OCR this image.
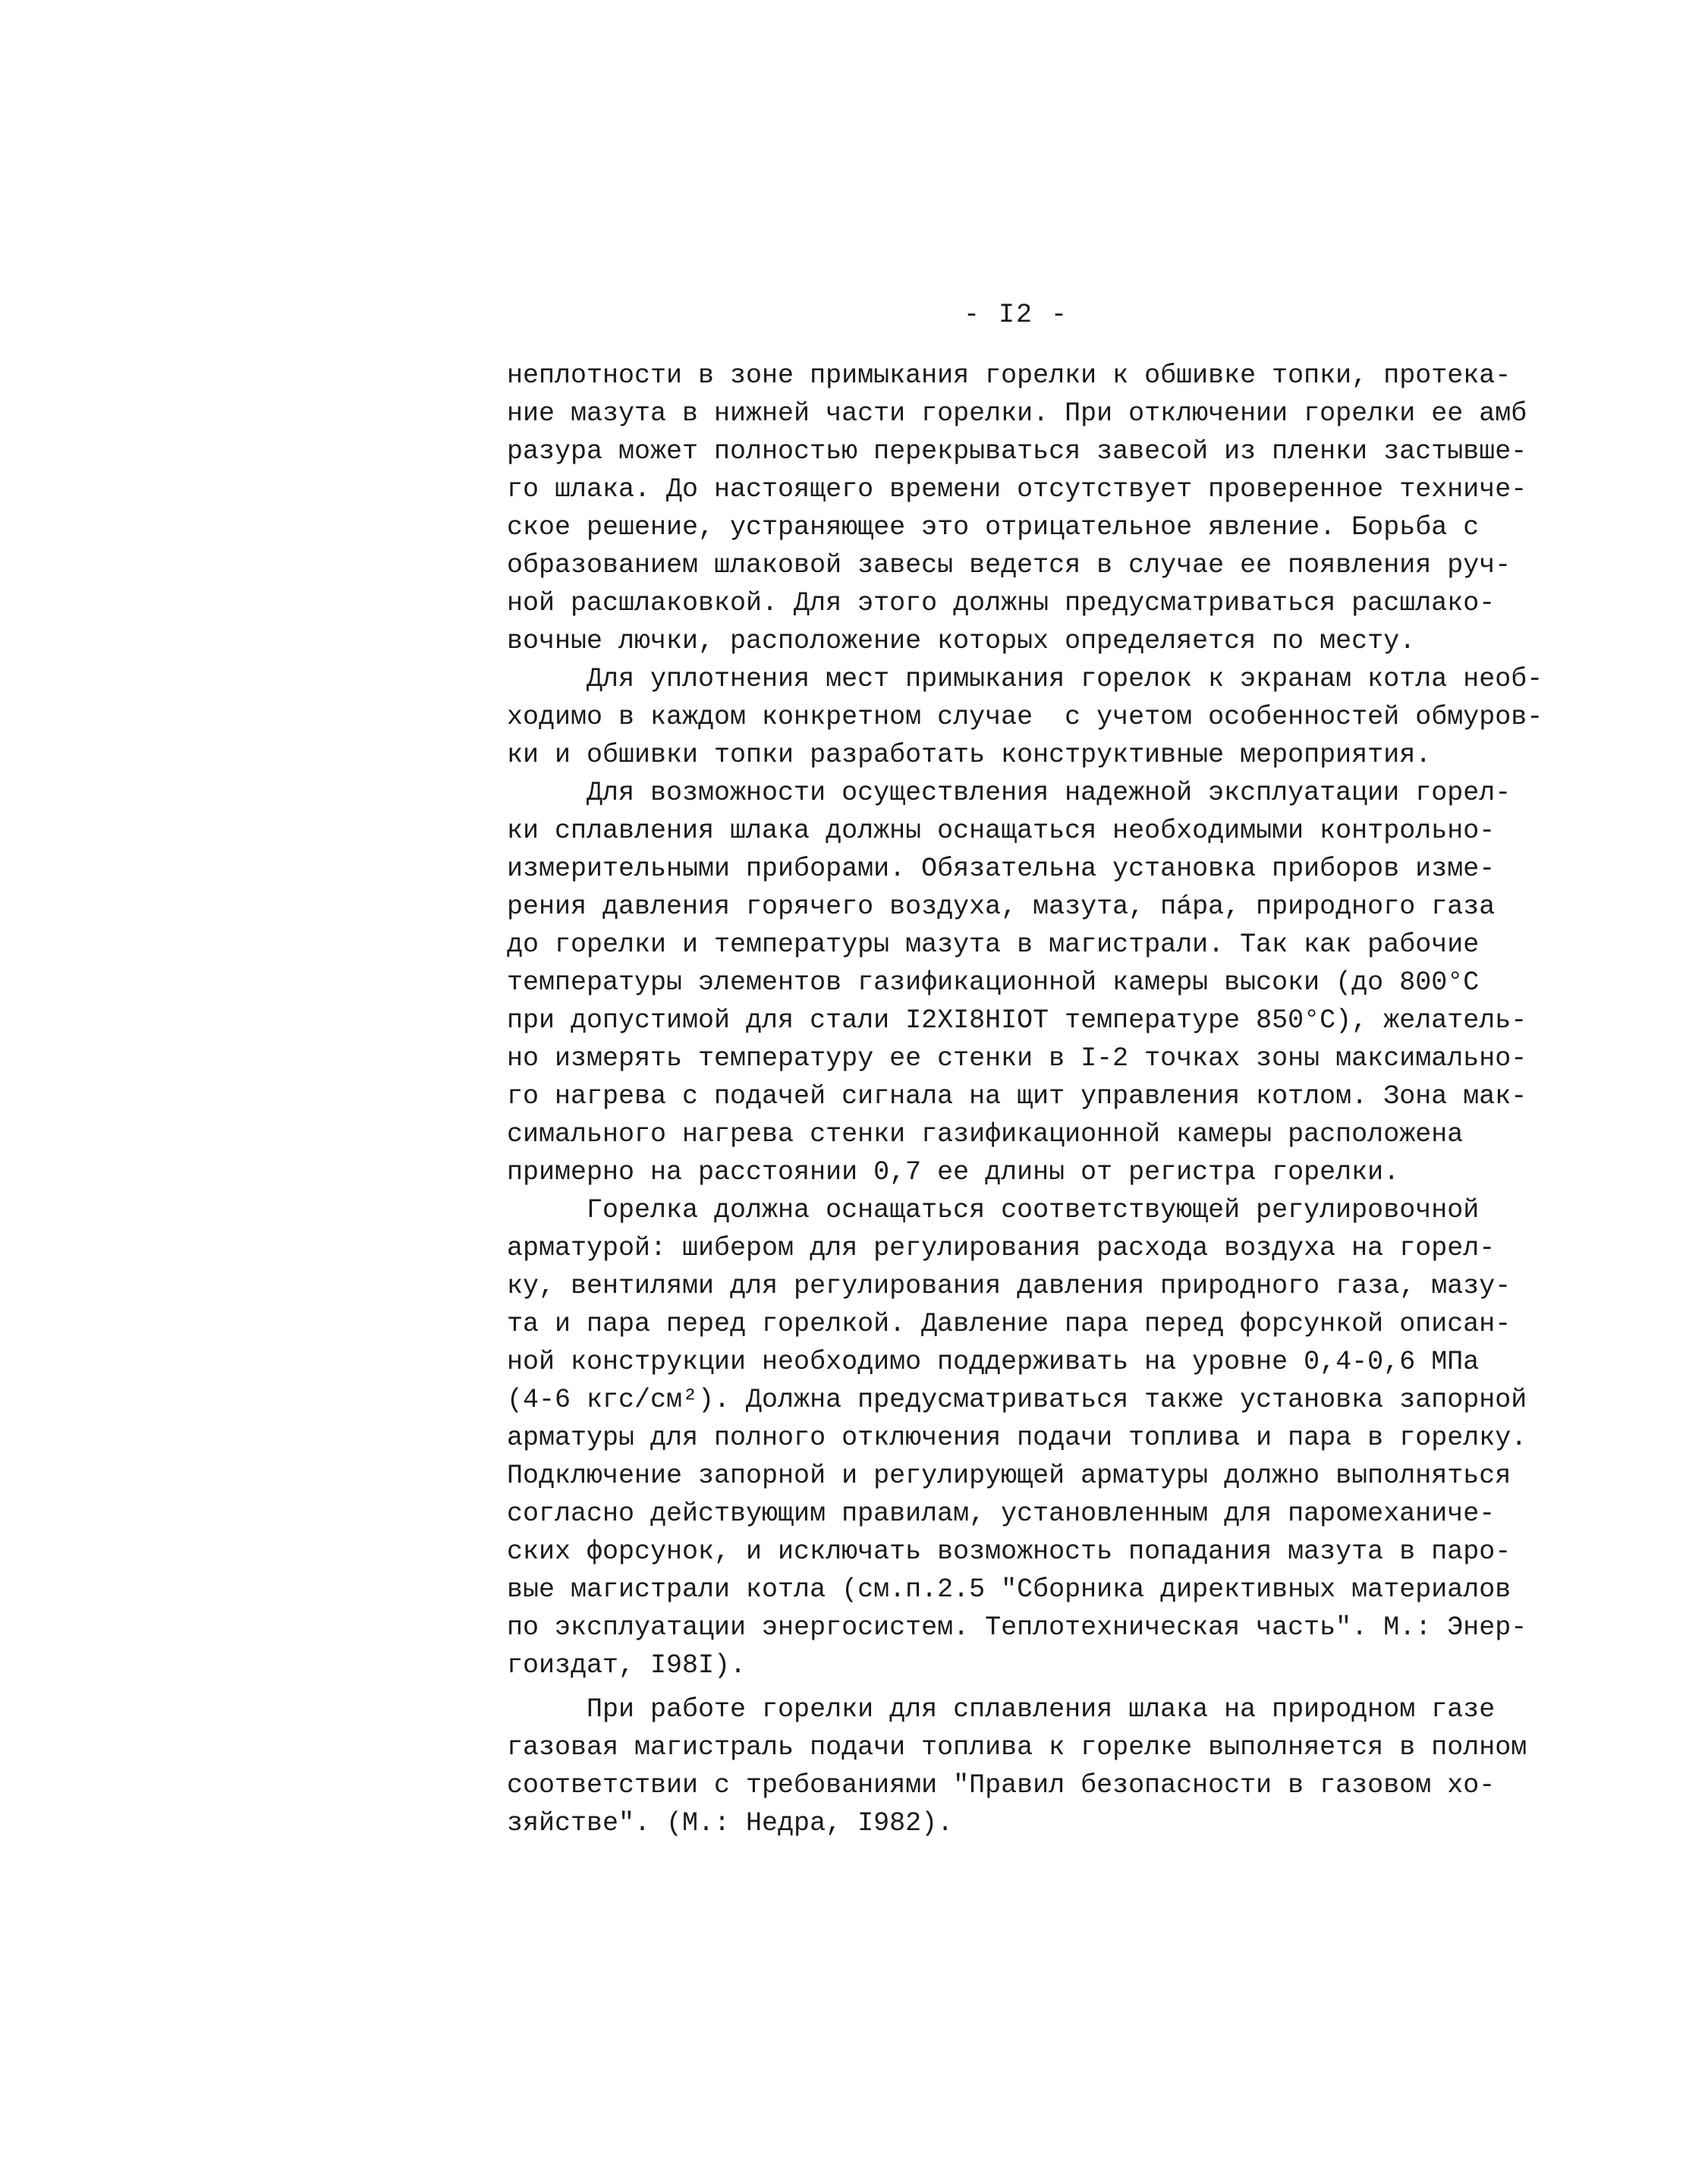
- I2 -
неплотности в зоне примыкания горелки к обшивке топки, протека-
ние мазута в нижней части горелки. При отключении горелки ее амб
разура может полностью перекрываться завесой из пленки застывше-
го шлака. До настоящего времени отсутствует проверенное техниче-
ское решение, устраняющее это отрицательное явление. Борьба с
образованием шлаковой завесы ведется в случае ее появления руч-
ной расшлаковкой. Для этого должны предусматриваться расшлако-
вочные лючки, расположение которых определяется по месту.
Для уплотнения мест примыкания горелок к экранам котла необ-
ходимо в каждом конкретном случае  с учетом особенностей обмуров-
ки и обшивки топки разработать конструктивные мероприятия.
Для возможности осуществления надежной эксплуатации горел-
ки сплавления шлака должны оснащаться необходимыми контрольно-
измерительными приборами. Обязательна установка приборов изме-
рения давления горячего воздуха, мазута, пáра, природного газа
до горелки и температуры мазута в магистрали. Так как рабочие
температуры элементов газификационной камеры высоки (до 800°С
при допустимой для стали I2XI8HIOT температуре 850°С), желатель-
но измерять температуру ее стенки в I-2 точках зоны максимально-
го нагрева с подачей сигнала на щит управления котлом. Зона мак-
симального нагрева стенки газификационной камеры расположена
примерно на расстоянии 0,7 ее длины от регистра горелки.
Горелка должна оснащаться соответствующей регулировочной
арматурой: шибером для регулирования расхода воздуха на горел-
ку, вентилями для регулирования давления природного газа, мазу-
та и пара перед горелкой. Давление пара перед форсункой описан-
ной конструкции необходимо поддерживать на уровне 0,4-0,6 МПа
(4-6 кгс/см²). Должна предусматриваться также установка запорной
арматуры для полного отключения подачи топлива и пара в горелку.
Подключение запорной и регулирующей арматуры должно выполняться
согласно действующим правилам, установленным для паромеханиче-
ских форсунок, и исключать возможность попадания мазута в паро-
вые магистрали котла (см.п.2.5 "Сборника директивных материалов
по эксплуатации энергосистем. Теплотехническая часть". М.: Энер-
гоиздат, I98I).
При работе горелки для сплавления шлака на природном газе
газовая магистраль подачи топлива к горелке выполняется в полном
соответствии с требованиями "Правил безопасности в газовом хо-
зяйстве". (М.: Недра, I982).
